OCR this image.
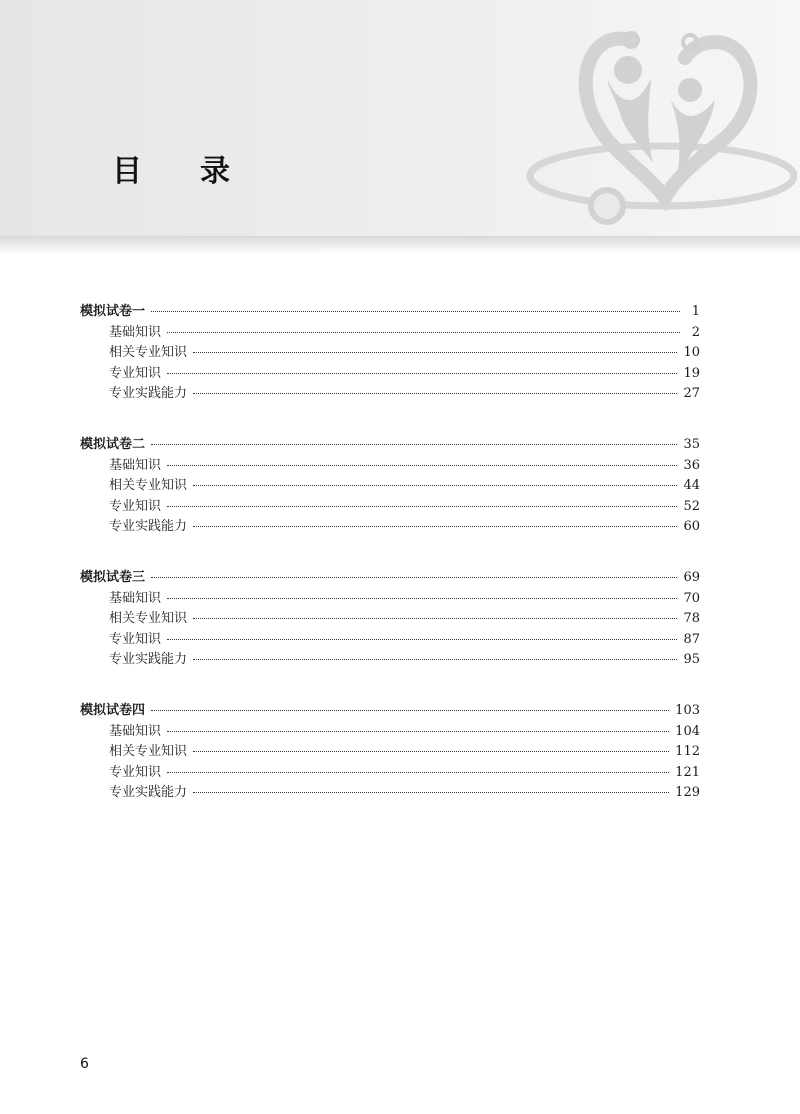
目录
模拟试卷一	1
基础知识	2
相关专业知识	10
专业知识	19
专业实践能力	27
模拟试卷二	35
基础知识	36
相关专业知识	44
专业知识	52
专业实践能力	60
模拟试卷三	69
基础知识	70
相关专业知识	78
专业知识	87
专业实践能力	95
模拟试卷四	103
基础知识	104
相关专业知识	112
专业知识	121
专业实践能力	129
6
